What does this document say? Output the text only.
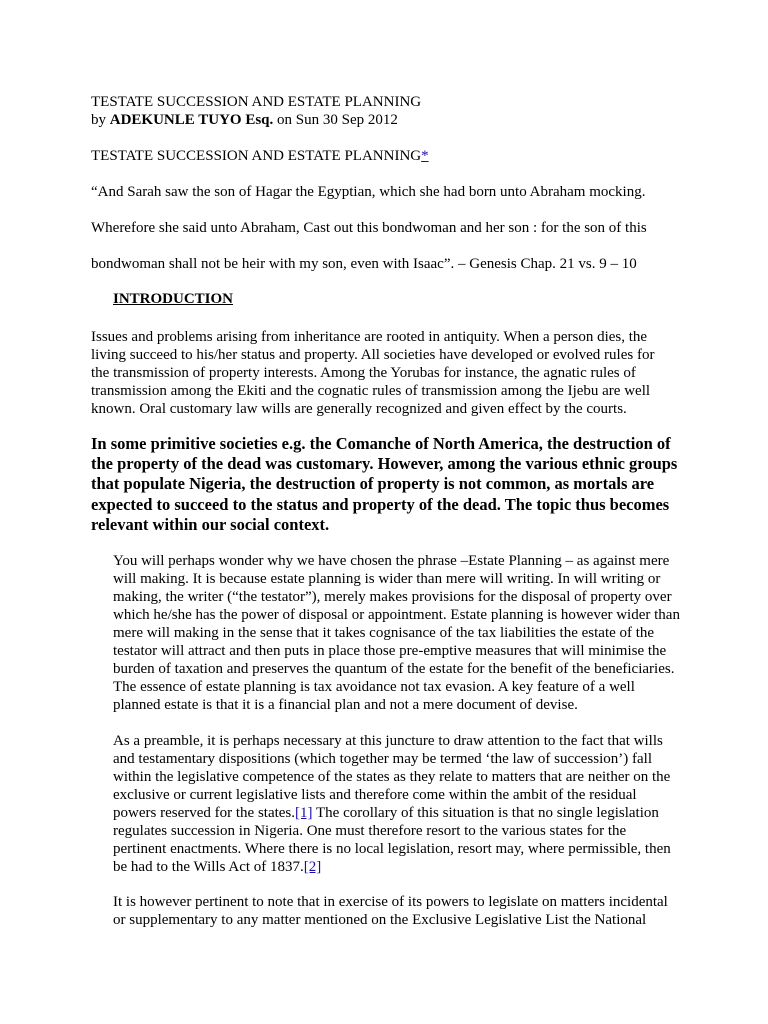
TESTATE SUCCESSION AND ESTATE PLANNING
by ADEKUNLE TUYO Esq. on Sun 30 Sep 2012
TESTATE SUCCESSION AND ESTATE PLANNING*
“And Sarah saw the son of Hagar the Egyptian, which she had born unto Abraham mocking.
Wherefore she said unto Abraham, Cast out this bondwoman and her son : for the son of this
bondwoman shall not be heir with my son, even with Isaac”. – Genesis Chap. 21 vs. 9 – 10
INTRODUCTION
Issues and problems arising from inheritance are rooted in antiquity. When a person dies, the living succeed to his/her status and property. All societies have developed or evolved rules for the transmission of property interests. Among the Yorubas for instance, the agnatic rules of transmission among the Ekiti and the cognatic rules of transmission among the Ijebu are well known. Oral customary law wills are generally recognized and given effect by the courts.
In some primitive societies e.g. the Comanche of North America, the destruction of the property of the dead was customary. However, among the various ethnic groups that populate Nigeria, the destruction of property is not common, as mortals are expected to succeed to the status and property of the dead. The topic thus becomes relevant within our social context.
You will perhaps wonder why we have chosen the phrase –Estate Planning – as against mere will making. It is because estate planning is wider than mere will writing. In will writing or making, the writer (“the testator”), merely makes provisions for the disposal of property over which he/she has the power of disposal or appointment. Estate planning is however wider than mere will making in the sense that it takes cognisance of the tax liabilities the estate of the testator will attract and then puts in place those pre-emptive measures that will minimise the burden of taxation and preserves the quantum of the estate for the benefit of the beneficiaries. The essence of estate planning is tax avoidance not tax evasion. A key feature of a well planned estate is that it is a financial plan and not a mere document of devise.
As a preamble, it is perhaps necessary at this juncture to draw attention to the fact that wills and testamentary dispositions (which together may be termed ‘the law of succession’) fall within the legislative competence of the states as they relate to matters that are neither on the exclusive or current legislative lists and therefore come within the ambit of the residual powers reserved for the states.[1] The corollary of this situation is that no single legislation regulates succession in Nigeria. One must therefore resort to the various states for the pertinent enactments. Where there is no local legislation, resort may, where permissible, then be had to the Wills Act of 1837.[2]
It is however pertinent to note that in exercise of its powers to legislate on matters incidental or supplementary to any matter mentioned on the Exclusive Legislative List the National
